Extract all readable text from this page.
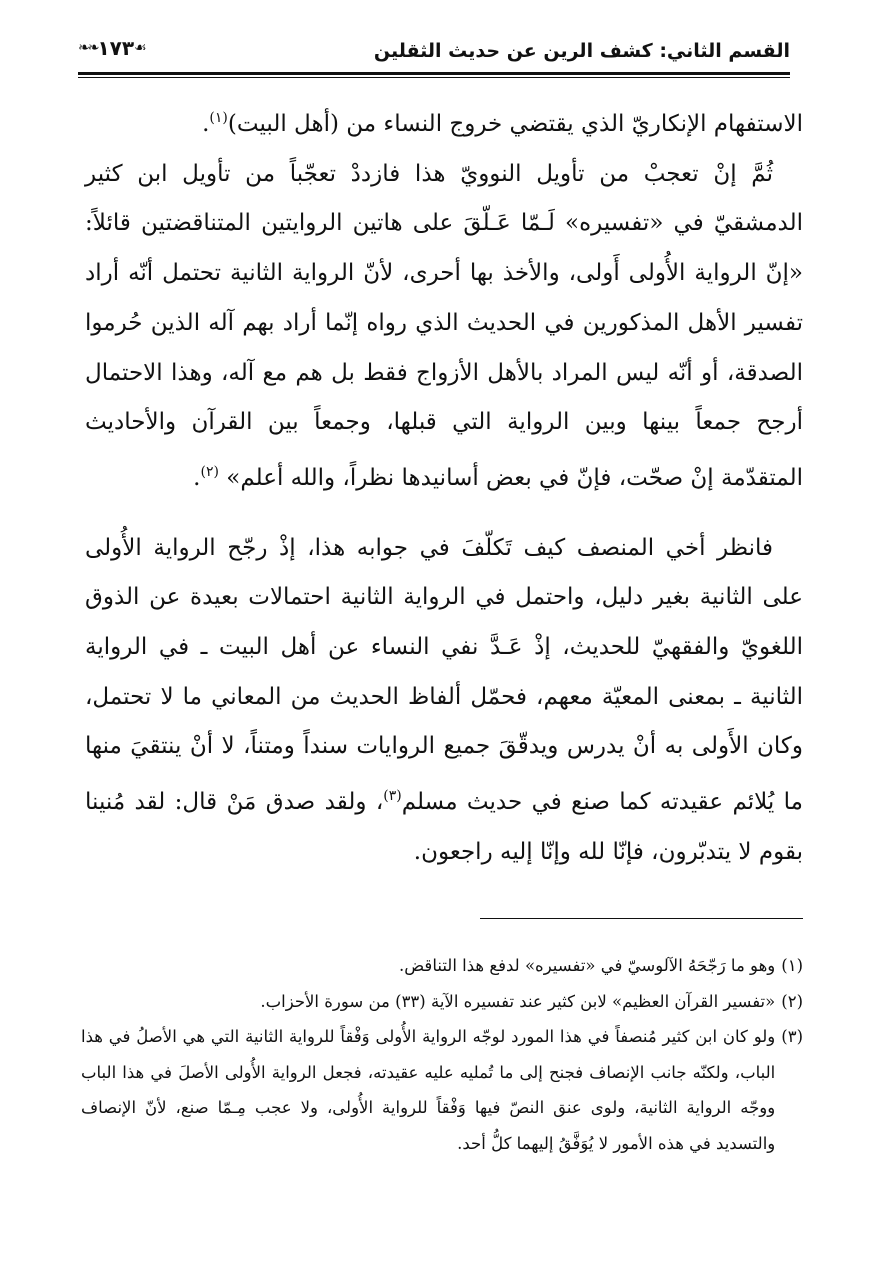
القسم الثاني: كشف الرين عن حديث الثقلين
❧❧ ١٧٣ ☙

الاستفهام الإنكاريّ الذي يقتضي خروج النساء من (أهل البيت)$^{(١)}$.

ثُمَّ إنْ تعجبْ من تأويل النوويّ هذا فازددْ تعجّباً من تأويل ابن كثير الدمشقيّ في «تفسيره» لَـمّا عَـلّقَ على هاتين الروايتين المتناقضتين قائلاً: «إنّ الرواية الأُولى أَولى، والأخذ بها أحرى، لأنّ الرواية الثانية تحتمل أنّه أراد تفسير الأهل المذكورين في الحديث الذي رواه إنّما أراد بهم آله الذين حُرموا الصدقة، أو أنّه ليس المراد بالأهل الأزواج فقط بل هم مع آله، وهذا الاحتمال أرجح جمعاً بينها وبين الرواية التي قبلها، وجمعاً بين القرآن والأحاديث المتقدّمة إنْ صحّت، فإنّ في بعض أسانيدها نظراً، والله أعلم» $^{(٢)}$.

فانظر أخي المنصف كيف تَكلّفَ في جوابه هذا، إذْ رجّح الرواية الأُولى على الثانية بغير دليل، واحتمل في الرواية الثانية احتمالات بعيدة عن الذوق اللغويّ والفقهيّ للحديث، إذْ عَـدَّ نفي النساء عن أهل البيت ـ في الرواية الثانية ـ بمعنى المعيّة معهم، فحمّل ألفاظ الحديث من المعاني ما لا تحتمل، وكان الأَولى به أنْ يدرس ويدقّقَ جميع الروايات سنداً ومتناً، لا أنْ ينتقيَ منها ما يُلائم عقيدته كما صنع في حديث مسلم$^{(٣)}$، ولقد صدق مَنْ قال: لقد مُنينا بقوم لا يتدبّرون، فإنّا لله وإنّا إليه راجعون.

(١)
وهو ما رَجّحَهُ الآلوسيّ في «تفسيره» لدفع هذا التناقض.
(٢)
«تفسير القرآن العظيم» لابن كثير عند تفسيره الآية (٣٣) من سورة الأحزاب.
(٣)
ولو كان ابن كثير مُنصفاً في هذا المورد لوجّه الرواية الأُولى وَفْقاً للرواية الثانية التي هي الأصلُ في هذا الباب، ولكنّه جانب الإنصاف فجنح إلى ما تُمليه عليه عقيدته، فجعل الرواية الأُولى الأصلَ في هذا الباب ووجّه الرواية الثانية، ولوى عنق النصّ فيها وَفْقاً للرواية الأُولى، ولا عجب مِـمّا صنع، لأنّ الإنصاف والتسديد في هذه الأمور لا يُوَفَّقُ إليهما كلُّ أحد.
